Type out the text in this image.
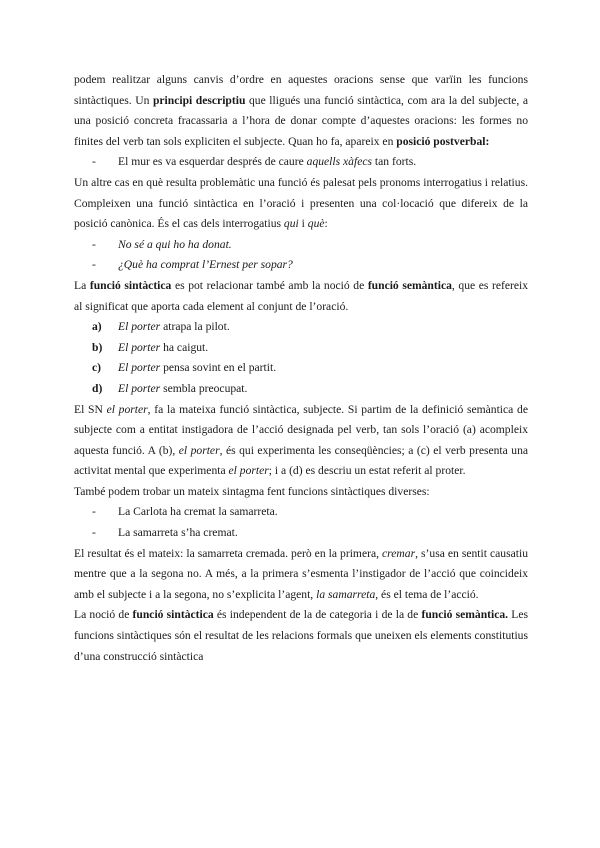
podem realitzar alguns canvis d’ordre en aquestes oracions sense que varïin les funcions sintàctiques. Un principi descriptiu que lligués una funció sintàctica, com ara la del subjecte, a una posició concreta fracassaria a l’hora de donar compte d’aquestes oracions: les formes no finites del verb tan sols expliciten el subjecte. Quan ho fa, apareix en posició postverbal:

- El mur es va esquerdar després de caure aquells xàfecs tan forts.

Un altre cas en què resulta problemàtic una funció és palesat pels pronoms interrogatius i relatius. Compleixen una funció sintàctica en l’oració i presenten una col·locació que difereix de la posició canònica. És el cas dels interrogatius qui i què:

- No sé a qui ho ha donat.
- ¿Què ha comprat l’Ernest per sopar?

La funció sintàctica es pot relacionar també amb la noció de funció semàntica, que es refereix al significat que aporta cada element al conjunt de l’oració.

a) El porter atrapa la pilot.
b) El porter ha caigut.
c) El porter pensa sovint en el partit.
d) El porter sembla preocupat.

El SN el porter, fa la mateixa funció sintàctica, subjecte. Si partim de la definició semàntica de subjecte com a entitat instigadora de l’acció designada pel verb, tan sols l’oració (a) acompleix aquesta funció. A (b), el porter, és qui experimenta les conseqüències; a (c) el verb presenta una activitat mental que experimenta el porter; i a (d) es descriu un estat referit al proter.

També podem trobar un mateix sintagma fent funcions sintàctiques diverses:

- La Carlota ha cremat la samarreta.
- La samarreta s’ha cremat.

El resultat és el mateix: la samarreta cremada. però en la primera, cremar, s’usa en sentit causatiu mentre que a la segona no. A més, a la primera s’esmenta l’instigador de l’acció que coincideix amb el subjecte i a la segona, no s’explicita l’agent, la samarreta, és el tema de l’acció.

La noció de funció sintàctica és independent de la de categoria i de la de funció semàntica. Les funcions sintàctiques són el resultat de les relacions formals que uneixen els elements constitutius d’una construcció sintàctica
